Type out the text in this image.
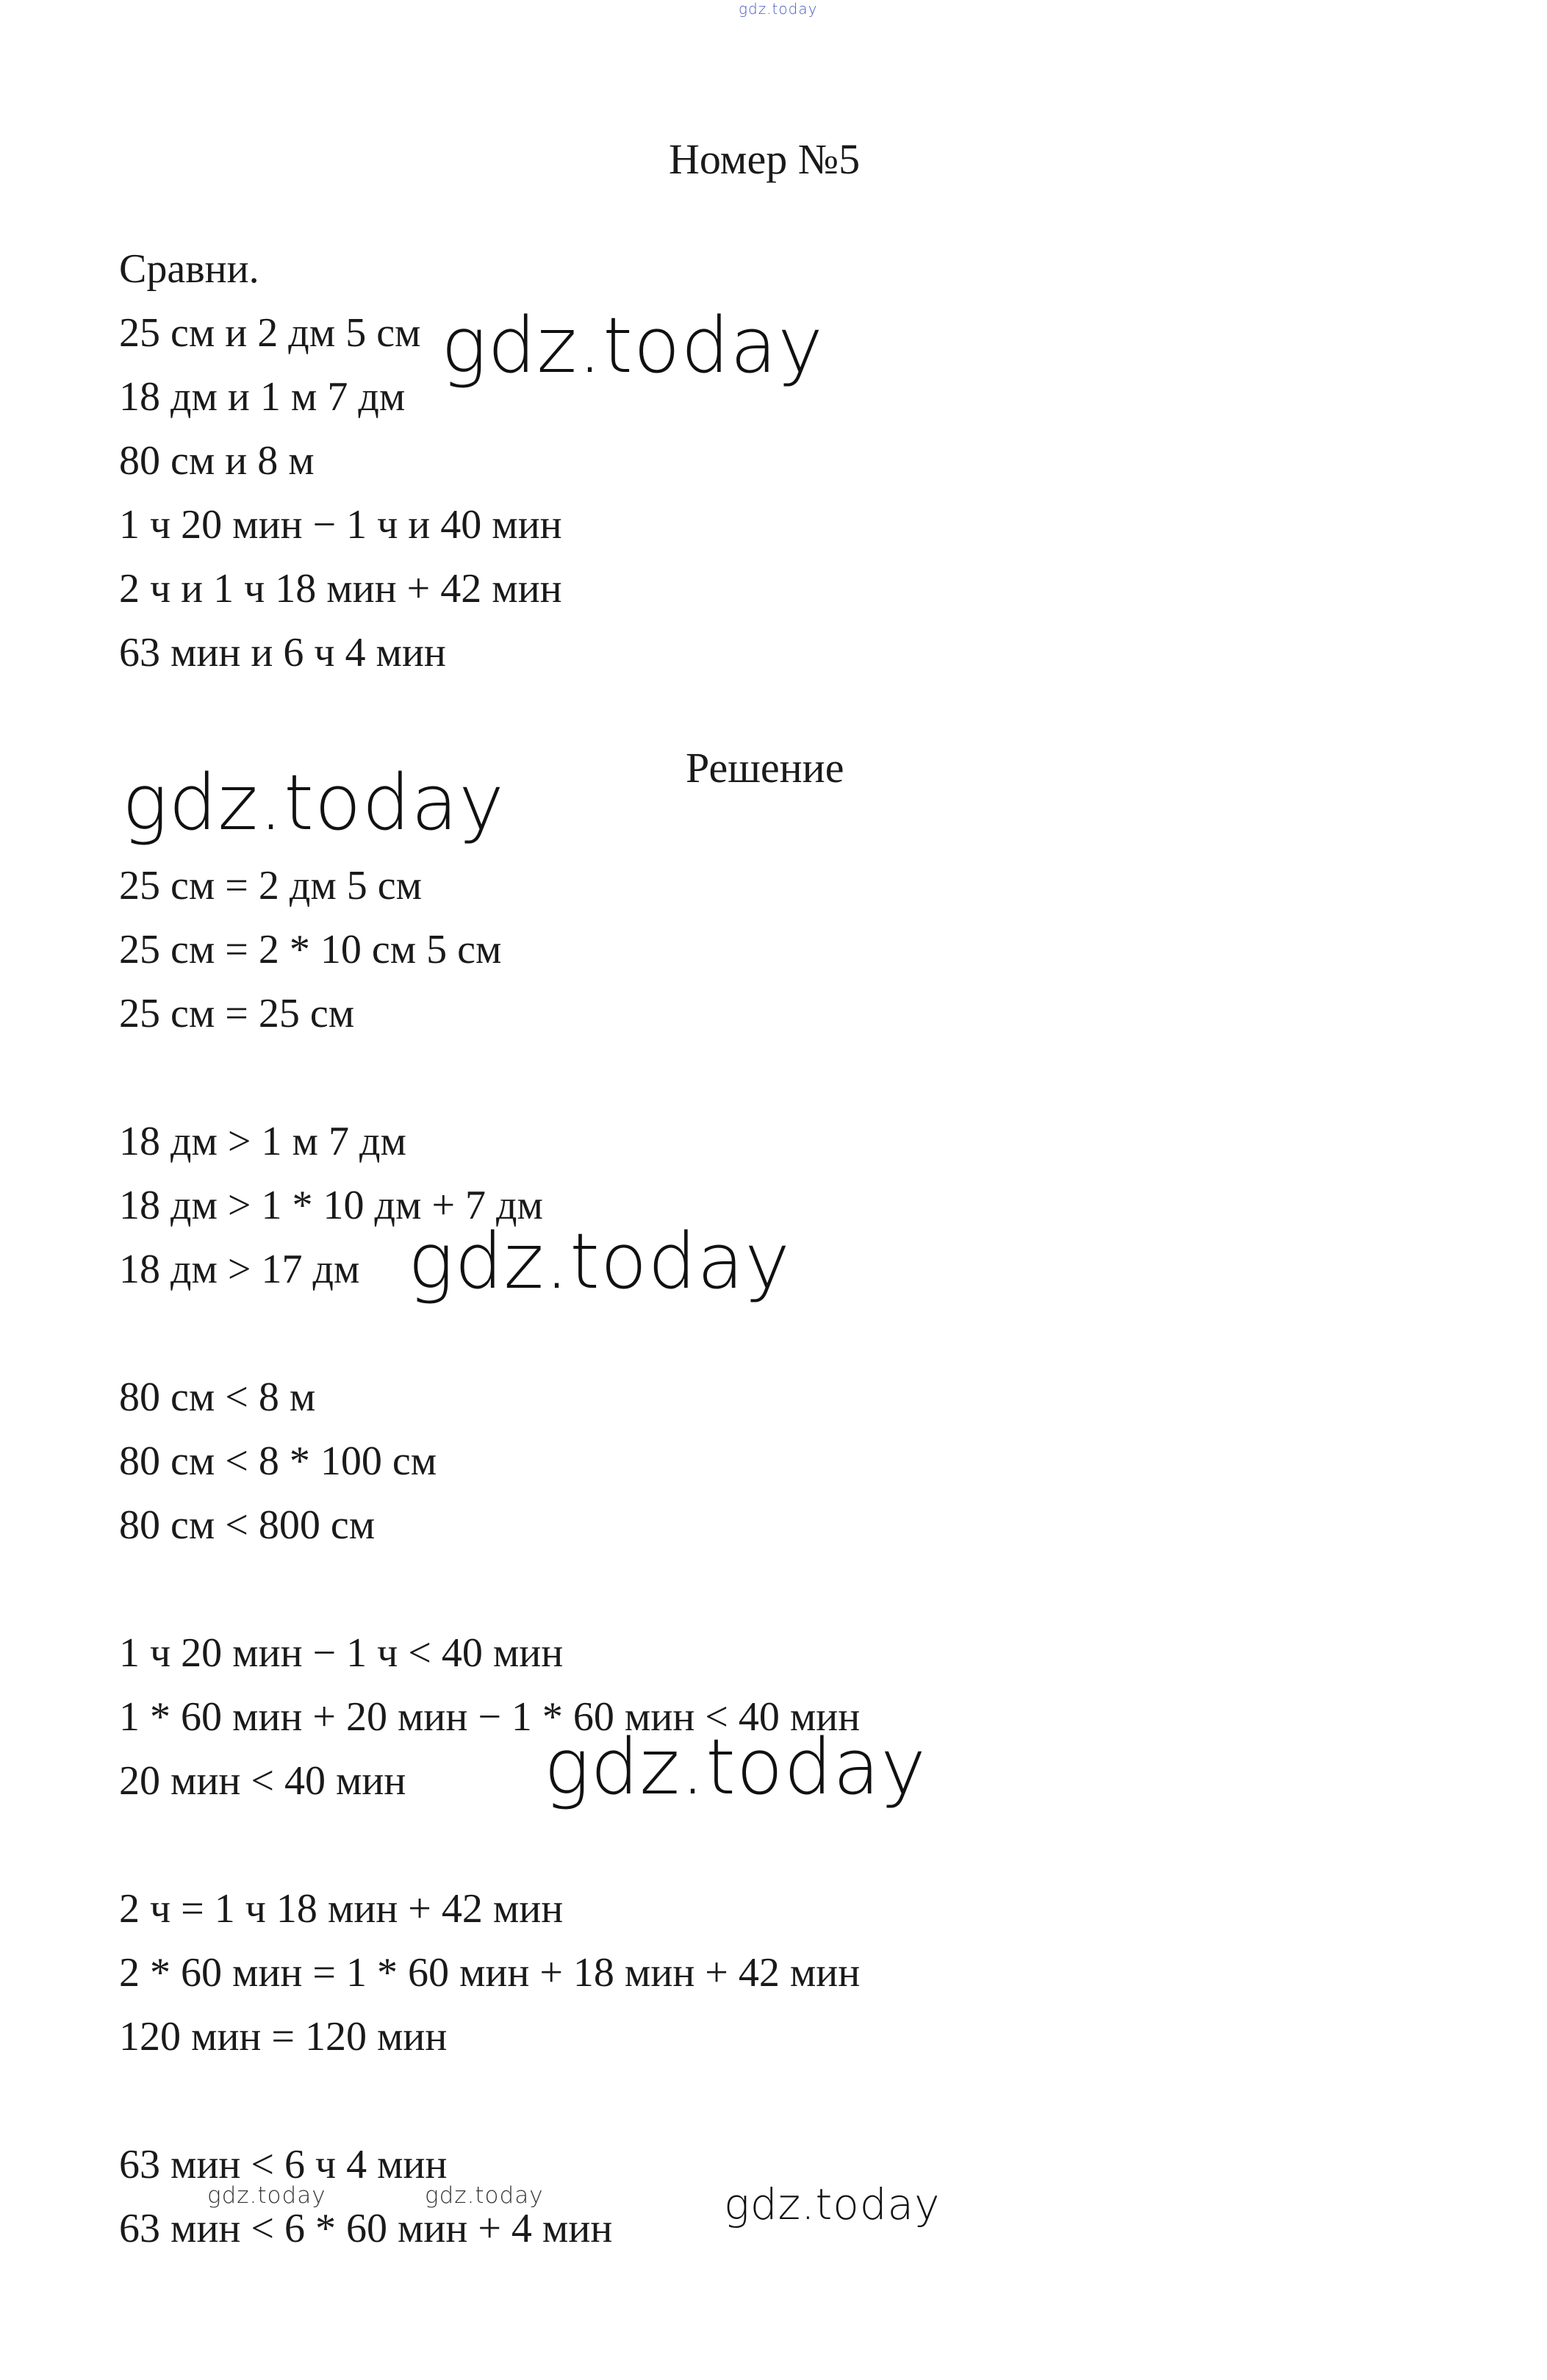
gdz.today
Номер №5
Сравни.
25 см и 2 дм 5 см
18 дм и 1 м 7 дм
80 см и 8 м
1 ч 20 мин − 1 ч и 40 мин
2 ч и 1 ч 18 мин + 42 мин
63 мин и 6 ч 4 мин
Решение
25 см = 2 дм 5 см
25 см = 2 * 10 см 5 см
25 см = 25 см
18 дм > 1 м 7 дм
18 дм > 1 * 10 дм + 7 дм
18 дм > 17 дм
80 см < 8 м
80 см < 8 * 100 см
80 см < 800 см
1 ч 20 мин − 1 ч < 40 мин
1 * 60 мин + 20 мин − 1 * 60 мин < 40 мин
20 мин < 40 мин
2 ч = 1 ч 18 мин + 42 мин
2 * 60 мин = 1 * 60 мин + 18 мин + 42 мин
120 мин = 120 мин
63 мин < 6 ч 4 мин
63 мин < 6 * 60 мин + 4 мин
gdz.today
gdz.today
gdz.today
gdz.today
gdz.today
gdz.today	gdz.today
